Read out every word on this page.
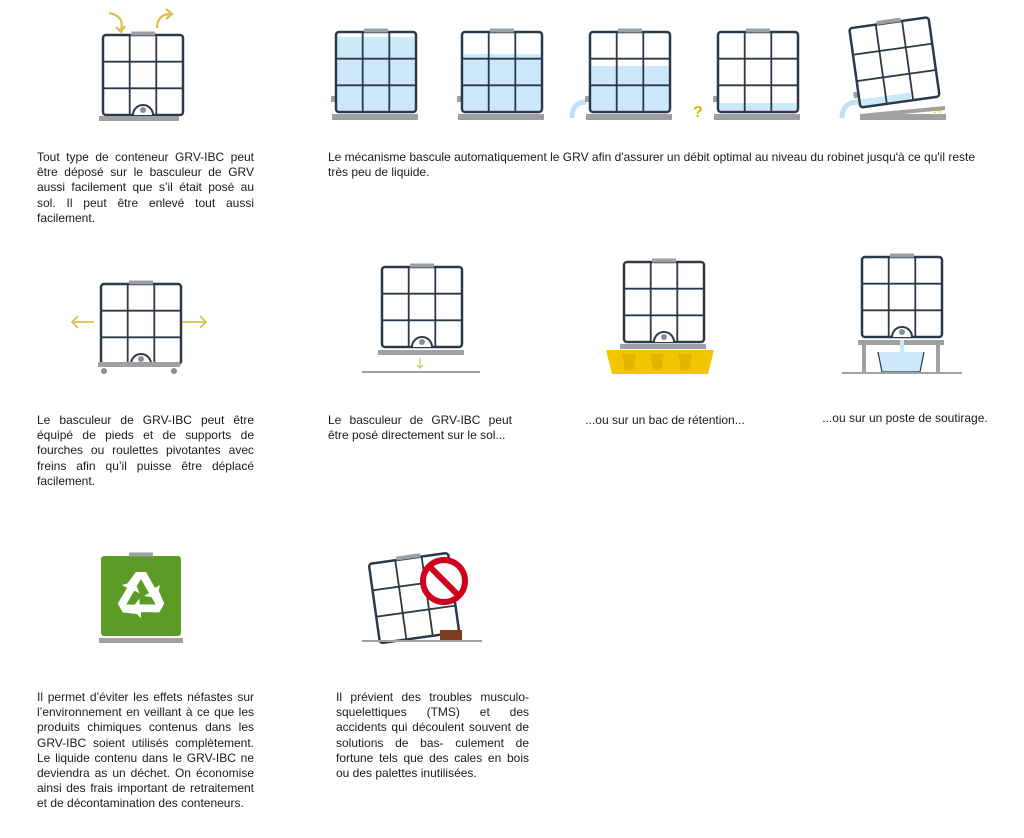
?	5%

Tout type de conteneur GRV-IBC peut être déposé sur le basculeur de GRV aussi facilement que s’il était posé au sol. Il peut être enlevé tout aussi facilement.

Le mécanisme bascule automatiquement le GRV afin d'assurer un débit optimal au niveau du robinet jusqu'à ce qu'il reste très peu de liquide.

Le basculeur de GRV-IBC peut être équipé de pieds et de supports de fourches ou roulettes pivotantes avec freins afin qu’il puisse être déplacé facilement.

Le basculeur de GRV-IBC peut être posé directement sur le sol...

...ou sur un bac de rétention...	...ou sur un poste de soutirage.

Il permet d’éviter les effets néfastes sur l’environnement en veillant à ce que les produits chimiques contenus dans les GRV-IBC soient utilisés complètement. Le liquide contenu dans le GRV-IBC ne deviendra as un déchet. On économise ainsi des frais important de retraitement et de décontamination des conteneurs.

Il prévient des troubles musculo-squelettiques (TMS) et des accidents qui découlent souvent de solutions de bas- culement de fortune tels que des cales en bois ou des palettes inutilisées.
